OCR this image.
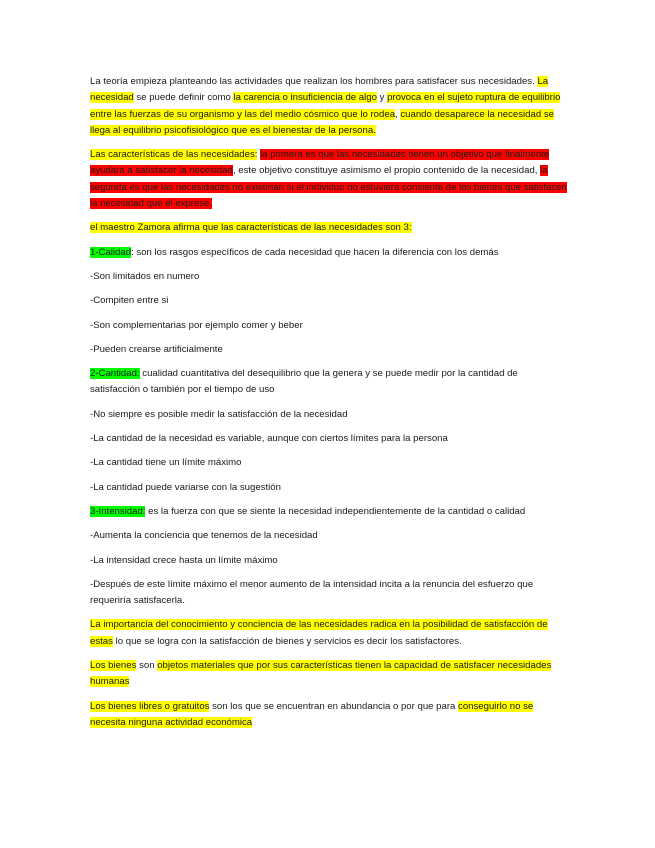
La teoría empieza planteando las actividades que realizan los hombres para satisfacer sus necesidades. La necesidad se puede definir como la carencia o insuficiencia de algo y provoca en el sujeto ruptura de equilibrio entre las fuerzas de su organismo y las del medio cósmico que lo rodea, cuando desaparece la necesidad se llega al equilibrio psicofisiológico que es el bienestar de la persona.

Las características de las necesidades: la primera es que las necesidades tienen un objetivo que finalmente ayudara a satisfacer la necesidad, este objetivo constituye asimismo el propio contenido de la necesidad, la segunda es que las necesidades no existirían si el individuo no estuviera consiente de los bienes que satisfacen la necesidad que el exprese.

el maestro Zamora afirma que las características de las necesidades son 3:

1-Calidad: son los rasgos específicos de cada necesidad que hacen la diferencia con los demás

-Son limitados en numero

-Compiten entre si

-Son complementarias por ejemplo comer y beber

-Pueden crearse artificialmente

2-Cantidad: cualidad cuantitativa del desequilibrio que la genera y se puede medir por la cantidad de satisfacción o también por el tiempo de uso

-No siempre es posible medir la satisfacción de la necesidad

-La cantidad de la necesidad es variable, aunque con ciertos límites para la persona

-La cantidad tiene un límite máximo

-La cantidad puede variarse con la sugestión

3-Intensidad: es la fuerza con que se siente la necesidad independientemente de la cantidad o calidad

-Aumenta la conciencia que tenemos de la necesidad

-La intensidad crece hasta un límite máximo

-Después de este límite máximo el menor aumento de la intensidad incita a la renuncia del esfuerzo que requeriría satisfacerla.

La importancia del conocimiento y conciencia de las necesidades radica en la posibilidad de satisfacción de estas lo que se logra con la satisfacción de bienes y servicios es decir los satisfactores.

Los bienes son objetos materiales que por sus características tienen la capacidad de satisfacer necesidades humanas

Los bienes libres o gratuitos son los que se encuentran en abundancia o por que para conseguirlo no se necesita ninguna actividad económica
